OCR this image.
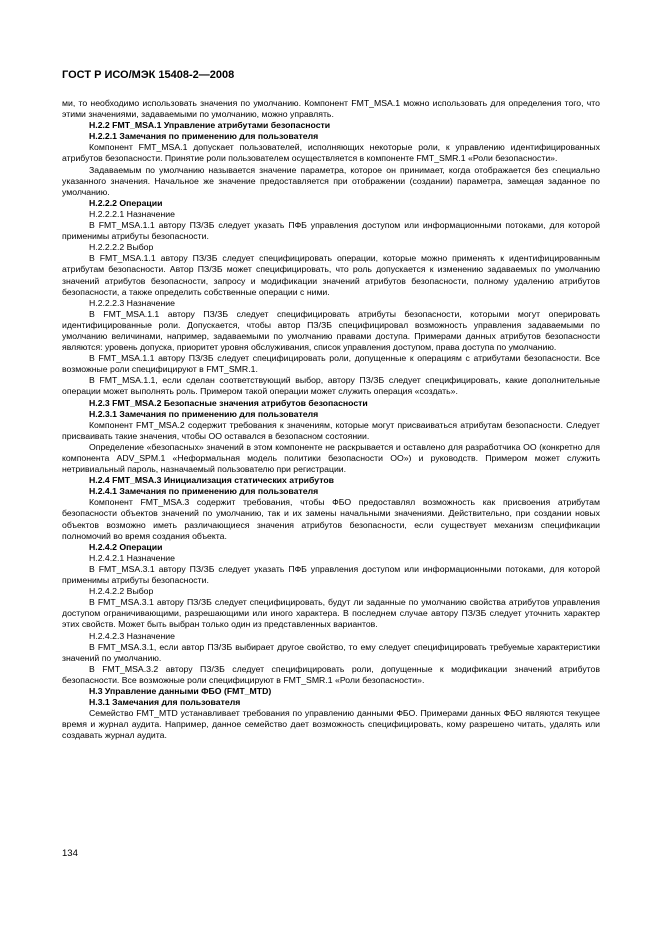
ГОСТ Р ИСО/МЭК 15408-2—2008

ми, то необходимо использовать значения по умолчанию. Компонент FMT_MSA.1 можно использовать для определения того, что этими значениями, задаваемыми по умолчанию, можно управлять.

H.2.2 FMT_MSA.1 Управление атрибутами безопасности

H.2.2.1 Замечания по применению для пользователя

Компонент FMT_MSA.1 допускает пользователей, исполняющих некоторые роли, к управлению идентифицированных атрибутов безопасности. Принятие роли пользователем осуществляется в компоненте FMT_SMR.1 «Роли безопасности».

Задаваемым по умолчанию называется значение параметра, которое он принимает, когда отображается без специально указанного значения. Начальное же значение предоставляется при отображении (создании) параметра, замещая заданное по умолчанию.

H.2.2.2 Операции

H.2.2.2.1 Назначение

В FMT_MSA.1.1 автору ПЗ/ЗБ следует указать ПФБ управления доступом или информационными потоками, для которой применимы атрибуты безопасности.

H.2.2.2.2 Выбор

В FMT_MSA.1.1 автору ПЗ/ЗБ следует специфицировать операции, которые можно применять к идентифицированным атрибутам безопасности. Автор ПЗ/ЗБ может специфицировать, что роль допускается к изменению задаваемых по умолчанию значений атрибутов безопасности, запросу и модификации значений атрибутов безопасности, полному удалению атрибутов безопасности, а также определить собственные операции с ними.

H.2.2.2.3 Назначение

В FMT_MSA.1.1 автору ПЗ/ЗБ следует специфицировать атрибуты безопасности, которыми могут оперировать идентифицированные роли. Допускается, чтобы автор ПЗ/ЗБ специфицировал возможность управления задаваемыми по умолчанию величинами, например, задаваемыми по умолчанию правами доступа. Примерами данных атрибутов безопасности являются: уровень допуска, приоритет уровня обслуживания, список управления доступом, права доступа по умолчанию.

В FMT_MSA.1.1 автору ПЗ/ЗБ следует специфицировать роли, допущенные к операциям с атрибутами безопасности. Все возможные роли специфицируют в FMT_SMR.1.

В FMT_MSA.1.1, если сделан соответствующий выбор, автору ПЗ/ЗБ следует специфицировать, какие дополнительные операции может выполнять роль. Примером такой операции может служить операция «создать».

H.2.3 FMT_MSA.2 Безопасные значения атрибутов безопасности

H.2.3.1 Замечания по применению для пользователя

Компонент FMT_MSA.2 содержит требования к значениям, которые могут присваиваться атрибутам безопасности. Следует присваивать такие значения, чтобы ОО оставался в безопасном состоянии.

Определение «безопасных» значений в этом компоненте не раскрывается и оставлено для разработчика ОО (конкретно для компонента ADV_SPM.1 «Неформальная модель политики безопасности ОО») и руководств. Примером может служить нетривиальный пароль, назначаемый пользователю при регистрации.

H.2.4 FMT_MSA.3 Инициализация статических атрибутов

H.2.4.1 Замечания по применению для пользователя

Компонент FMT_MSA.3 содержит требования, чтобы ФБО предоставлял возможность как присвоения атрибутам безопасности объектов значений по умолчанию, так и их замены начальными значениями. Действительно, при создании новых объектов возможно иметь различающиеся значения атрибутов безопасности, если существует механизм спецификации полномочий во время создания объекта.

H.2.4.2 Операции

H.2.4.2.1 Назначение

В FMT_MSA.3.1 автору ПЗ/ЗБ следует указать ПФБ управления доступом или информационными потоками, для которой применимы атрибуты безопасности.

H.2.4.2.2 Выбор

В FMT_MSA.3.1 автору ПЗ/ЗБ следует специфицировать, будут ли заданные по умолчанию свойства атрибутов управления доступом ограничивающими, разрешающими или иного характера. В последнем случае автору ПЗ/ЗБ следует уточнить характер этих свойств. Может быть выбран только один из представленных вариантов.

H.2.4.2.3 Назначение

В FMT_MSA.3.1, если автор ПЗ/ЗБ выбирает другое свойство, то ему следует специфицировать требуемые характеристики значений по умолчанию.

В FMT_MSA.3.2 автору ПЗ/ЗБ следует специфицировать роли, допущенные к модификации значений атрибутов безопасности. Все возможные роли специфицируют в FMT_SMR.1 «Роли безопасности».

H.3 Управление данными ФБО (FMT_MTD)

H.3.1 Замечания для пользователя

Семейство FMT_MTD устанавливает требования по управлению данными ФБО. Примерами данных ФБО являются текущее время и журнал аудита. Например, данное семейство дает возможность специфицировать, кому разрешено читать, удалять или создавать журнал аудита.

134
